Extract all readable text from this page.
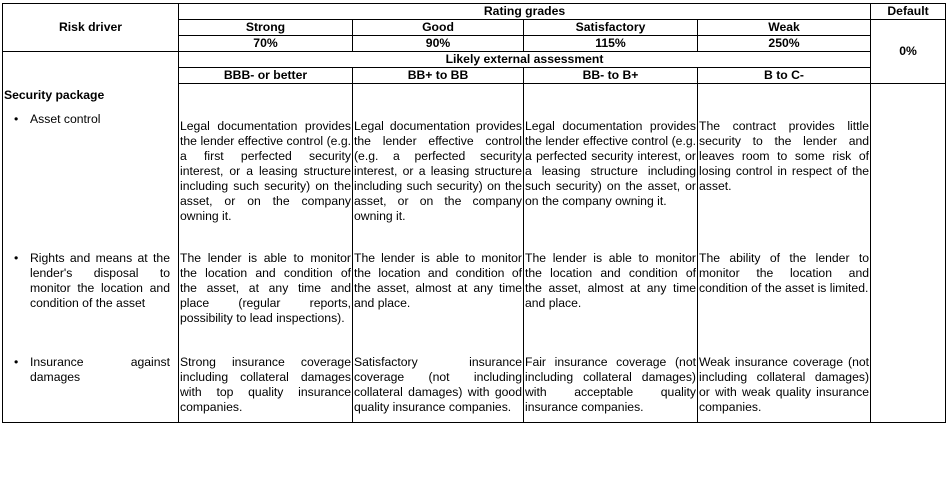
Risk driver	Rating grades				Default
	Strong	Good	Satisfactory	Weak	0%
	70%	90%	115%	250%	
	Likely external assessment				
	BBB- or better	BB+ to BB	BB- to B+	B to C-	
Security package					

• Asset control	Legal documentation provides the lender effective control (e.g. a first perfected security interest, or a leasing structure including such security) on the asset, or on the company owning it.	Legal documentation provides the lender effective control (e.g. a perfected security interest, or a leasing structure including such security) on the asset, or on the company owning it.	Legal documentation provides the lender effective control (e.g. a perfected security interest, or a leasing structure including such security) on the asset, or on the company owning it.	The contract provides little security to the lender and leaves room to some risk of losing control in respect of the asset.	

• Rights and means at the lender's disposal to monitor the location and condition of the asset	The lender is able to monitor the location and condition of the asset, at any time and place (regular reports, possibility to lead inspections).	The lender is able to monitor the location and condition of the asset, almost at any time and place.	The lender is able to monitor the location and condition of the asset, almost at any time and place.	The ability of the lender to monitor the location and condition of the asset is limited.	

• Insurance against damages	Strong insurance coverage including collateral damages with top quality insurance companies.	Satisfactory insurance coverage (not including collateral damages) with good quality insurance companies.	Fair insurance coverage (not including collateral damages) with acceptable quality insurance companies.	Weak insurance coverage (not including collateral damages) or with weak quality insurance companies.	
